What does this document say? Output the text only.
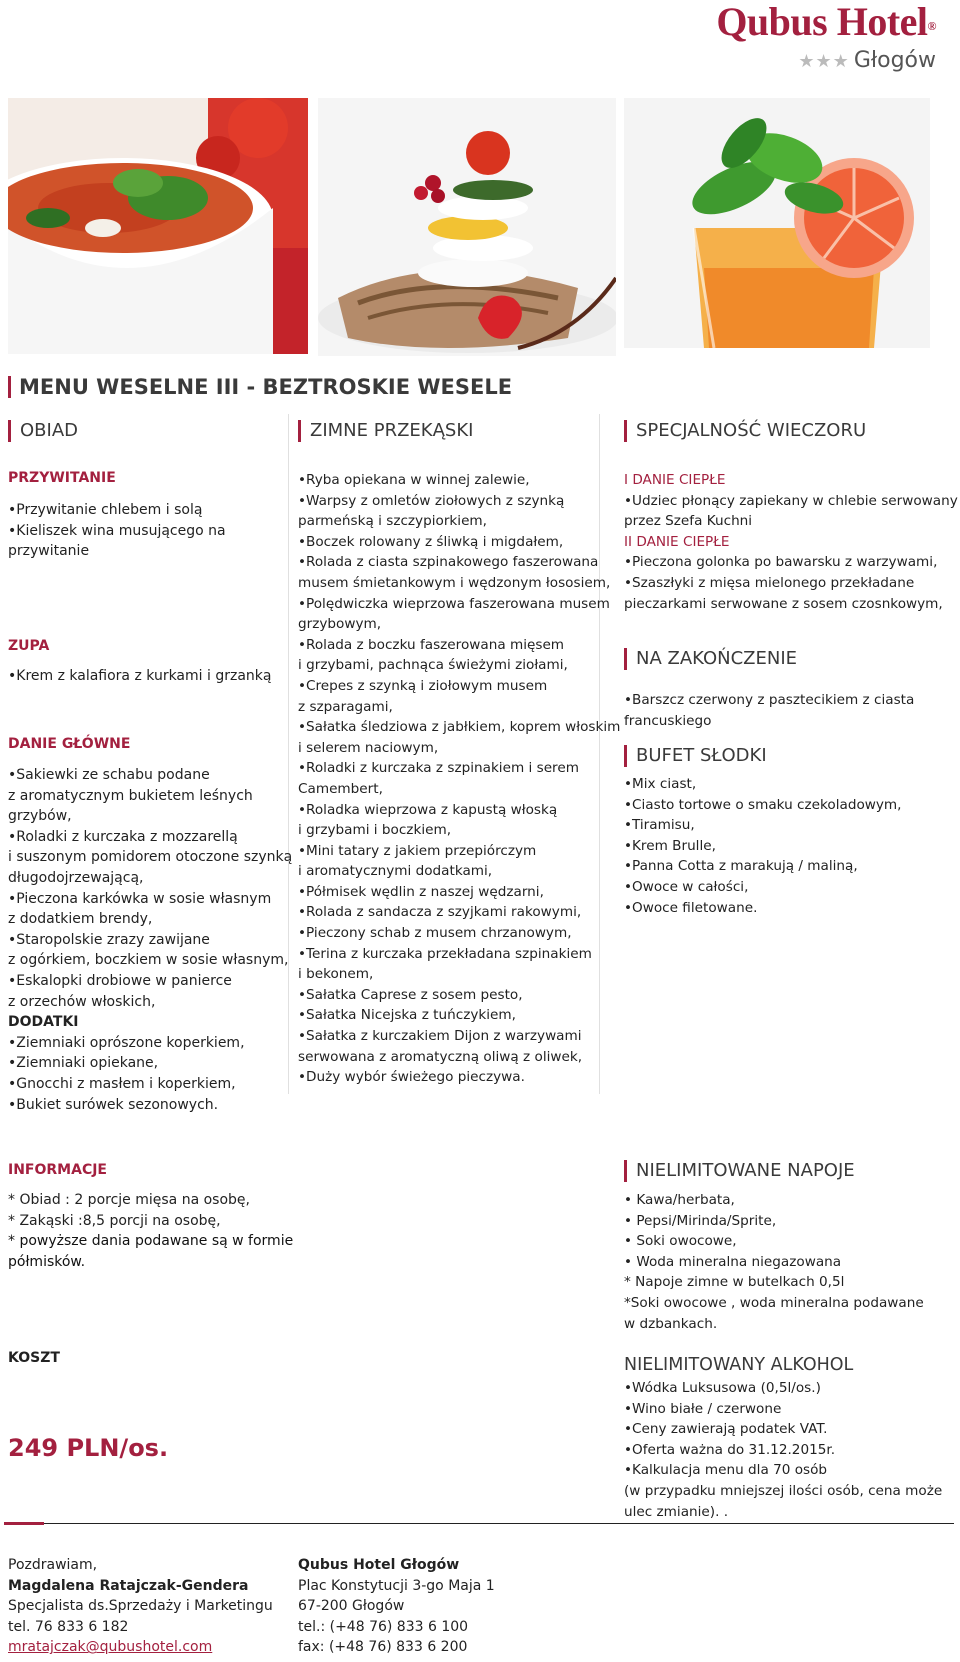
Qubus Hotel®
★★★ Głogów
MENU WESELNE III - BEZTROSKIE WESELE
OBIAD
PRZYWITANIE
•Przywitanie chlebem i solą
•Kieliszek wina musującego na
przywitanie
ZUPA
•Krem z kalafiora z kurkami i grzanką
DANIE GŁÓWNE
•Sakiewki ze schabu podane
z aromatycznym bukietem leśnych
grzybów,
•Roladki z kurczaka z mozzarellą
i suszonym pomidorem otoczone szynką
długodojrzewającą,
•Pieczona karkówka w sosie własnym
z dodatkiem brendy,
•Staropolskie zrazy zawijane
z ogórkiem, boczkiem w sosie własnym,
•Eskalopki drobiowe w panierce
z orzechów włoskich,
DODATKI
•Ziemniaki oprószone koperkiem,
•Ziemniaki opiekane,
•Gnocchi z masłem i koperkiem,
•Bukiet surówek sezonowych.
ZIMNE PRZEKĄSKI
•Ryba opiekana w winnej zalewie,
•Warpsy z omletów ziołowych z szynką
parmeńską i szczypiorkiem,
•Boczek rolowany z śliwką i migdałem,
•Rolada z ciasta szpinakowego faszerowana
musem śmietankowym i wędzonym łososiem,
•Polędwiczka wieprzowa faszerowana musem
grzybowym,
•Rolada z boczku faszerowana mięsem
i grzybami, pachnąca świeżymi ziołami,
•Crepes z szynką i ziołowym musem
z szparagami,
•Sałatka śledziowa z jabłkiem, koprem włoskim
i selerem naciowym,
•Roladki z kurczaka z szpinakiem i serem
Camembert,
•Roladka wieprzowa z kapustą włoską
i grzybami i boczkiem,
•Mini tatary z jakiem przepiórczym
i aromatycznymi dodatkami,
•Półmisek wędlin z naszej wędzarni,
•Rolada z sandacza z szyjkami rakowymi,
•Pieczony schab z musem chrzanowym,
•Terina z kurczaka przekładana szpinakiem
i bekonem,
•Sałatka Caprese z sosem pesto,
•Sałatka Nicejska z tuńczykiem,
•Sałatka z kurczakiem Dijon z warzywami
serwowana z aromatyczną oliwą z oliwek,
•Duży wybór świeżego pieczywa.
SPECJALNOŚĆ WIECZORU
I DANIE CIEPŁE
•Udziec płonący zapiekany w chlebie serwowany
przez Szefa Kuchni
II DANIE CIEPŁE
•Pieczona golonka po bawarsku z warzywami,
•Szaszłyki z mięsa mielonego przekładane
pieczarkami serwowane z sosem czosnkowym,
NA ZAKOŃCZENIE
•Barszcz czerwony z pasztecikiem z ciasta
francuskiego
BUFET SŁODKI
•Mix ciast,
•Ciasto tortowe o smaku czekoladowym,
•Tiramisu,
•Krem Brulle,
•Panna Cotta z marakują / maliną,
•Owoce w całości,
•Owoce filetowane.
INFORMACJE
* Obiad : 2 porcje mięsa na osobę,
* Zakąski :8,5 porcji na osobę,
* powyższe dania podawane są w formie
półmisków.
KOSZT
249 PLN/os.
NIELIMITOWANE NAPOJE
• Kawa/herbata,
• Pepsi/Mirinda/Sprite,
• Soki owocowe,
• Woda mineralna niegazowana
* Napoje zimne w butelkach 0,5l
*Soki owocowe , woda mineralna podawane
w dzbankach.
NIELIMITOWANY ALKOHOL
•Wódka Luksusowa (0,5l/os.)
•Wino białe / czerwone
•Ceny zawierają podatek VAT.
•Oferta ważna do 31.12.2015r.
•Kalkulacja menu dla 70 osób
(w przypadku mniejszej ilości osób, cena może
ulec zmianie). .
Pozdrawiam,
Magdalena Ratajczak-Gendera
Specjalista ds.Sprzedaży i Marketingu
tel. 76 833 6 182
mratajczak@qubushotel.com
Qubus Hotel Głogów
Plac Konstytucji 3-go Maja 1
67-200 Głogów
tel.: (+48 76) 833 6 100
fax: (+48 76) 833 6 200
